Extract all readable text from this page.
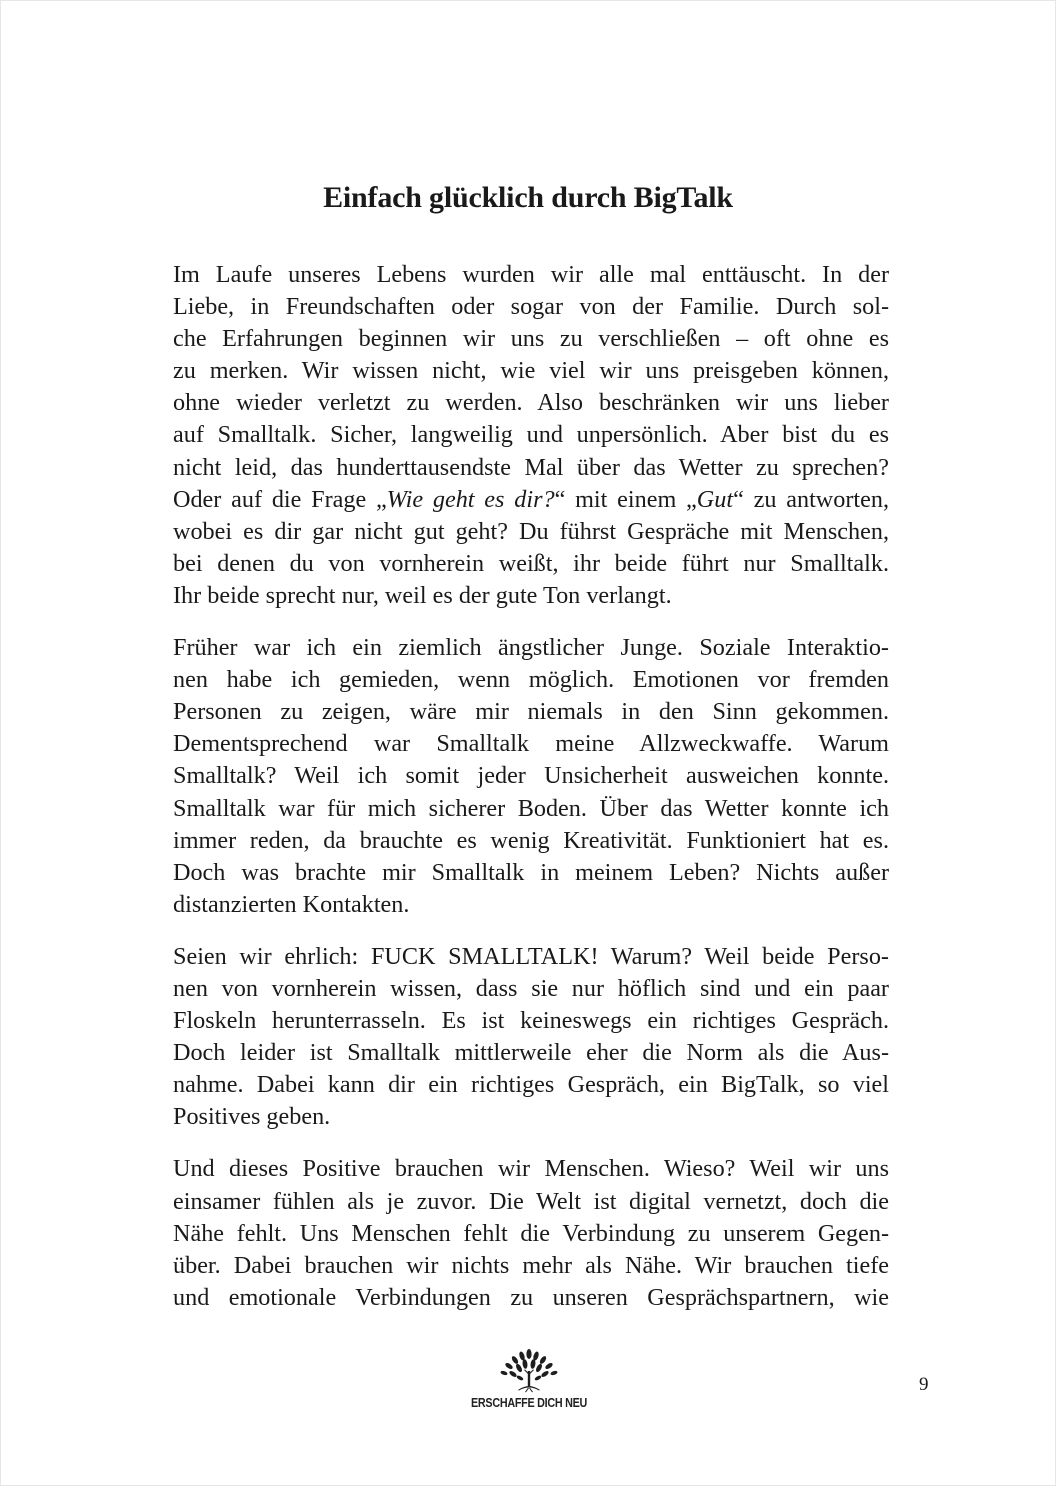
Einfach glücklich durch BigTalk

Im Laufe unseres Lebens wurden wir alle mal enttäuscht. In der
Liebe, in Freundschaften oder sogar von der Familie. Durch sol-
che Erfahrungen beginnen wir uns zu verschließen – oft ohne es
zu merken. Wir wissen nicht, wie viel wir uns preisgeben können,
ohne wieder verletzt zu werden. Also beschränken wir uns lieber
auf Smalltalk. Sicher, langweilig und unpersönlich. Aber bist du es
nicht leid, das hunderttausendste Mal über das Wetter zu sprechen?
Oder auf die Frage „Wie geht es dir?“ mit einem „Gut“ zu antworten,
wobei es dir gar nicht gut geht? Du führst Gespräche mit Menschen,
bei denen du von vornherein weißt, ihr beide führt nur Smalltalk.
Ihr beide sprecht nur, weil es der gute Ton verlangt.

Früher war ich ein ziemlich ängstlicher Junge. Soziale Interaktio-
nen habe ich gemieden, wenn möglich. Emotionen vor fremden
Personen zu zeigen, wäre mir niemals in den Sinn gekommen.
Dementsprechend war Smalltalk meine Allzweckwaffe. Warum
Smalltalk? Weil ich somit jeder Unsicherheit ausweichen konnte.
Smalltalk war für mich sicherer Boden. Über das Wetter konnte ich
immer reden, da brauchte es wenig Kreativität. Funktioniert hat es.
Doch was brachte mir Smalltalk in meinem Leben? Nichts außer
distanzierten Kontakten.

Seien wir ehrlich: FUCK SMALLTALK! Warum? Weil beide Perso-
nen von vornherein wissen, dass sie nur höflich sind und ein paar
Floskeln herunterrasseln. Es ist keineswegs ein richtiges Gespräch.
Doch leider ist Smalltalk mittlerweile eher die Norm als die Aus-
nahme. Dabei kann dir ein richtiges Gespräch, ein BigTalk, so viel
Positives geben.

Und dieses Positive brauchen wir Menschen. Wieso? Weil wir uns
einsamer fühlen als je zuvor. Die Welt ist digital vernetzt, doch die
Nähe fehlt. Uns Menschen fehlt die Verbindung zu unserem Gegen-
über. Dabei brauchen wir nichts mehr als Nähe. Wir brauchen tiefe
und emotionale Verbindungen zu unseren Gesprächspartnern, wie

ERSCHAFFE DICH NEU
9
